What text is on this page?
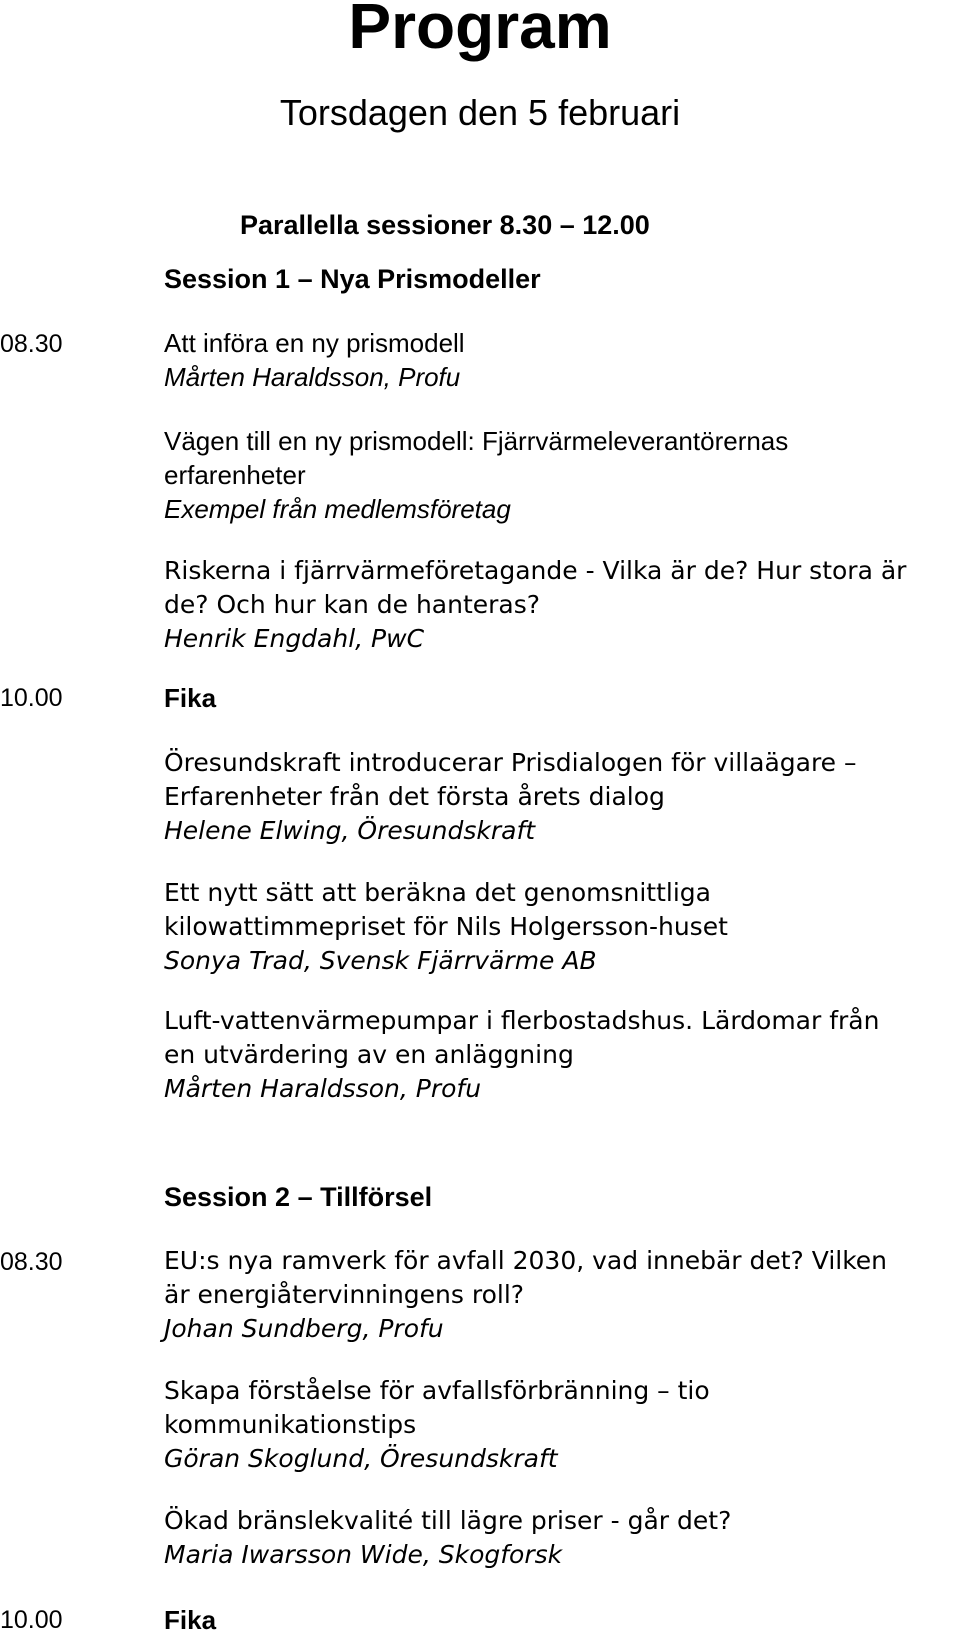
Program
Torsdagen den 5 februari
Parallella sessioner 8.30 – 12.00
Session 1 – Nya Prismodeller
08.30	Att införa en ny prismodell
Mårten Haraldsson, Profu
Vägen till en ny prismodell: Fjärrvärmeleverantörernas
erfarenheter
Exempel från medlemsföretag
Riskerna i fjärrvärmeföretagande - Vilka är de? Hur stora är
de? Och hur kan de hanteras?
Henrik Engdahl, PwC
10.00	Fika
Öresundskraft introducerar Prisdialogen för villaägare –
Erfarenheter från det första årets dialog
Helene Elwing, Öresundskraft
Ett nytt sätt att beräkna det genomsnittliga
kilowattimmepriset för Nils Holgersson-huset
Sonya Trad, Svensk Fjärrvärme AB
Luft-vattenvärmepumpar i flerbostadshus. Lärdomar från
en utvärdering av en anläggning
Mårten Haraldsson, Profu
Session 2 – Tillförsel
08.30	EU:s nya ramverk för avfall 2030, vad innebär det? Vilken
är energiåtervinningens roll?
Johan Sundberg, Profu
Skapa förståelse för avfallsförbränning – tio
kommunikationstips
Göran Skoglund, Öresundskraft
Ökad bränslekvalité till lägre priser - går det?
Maria Iwarsson Wide, Skogforsk
10.00	Fika
